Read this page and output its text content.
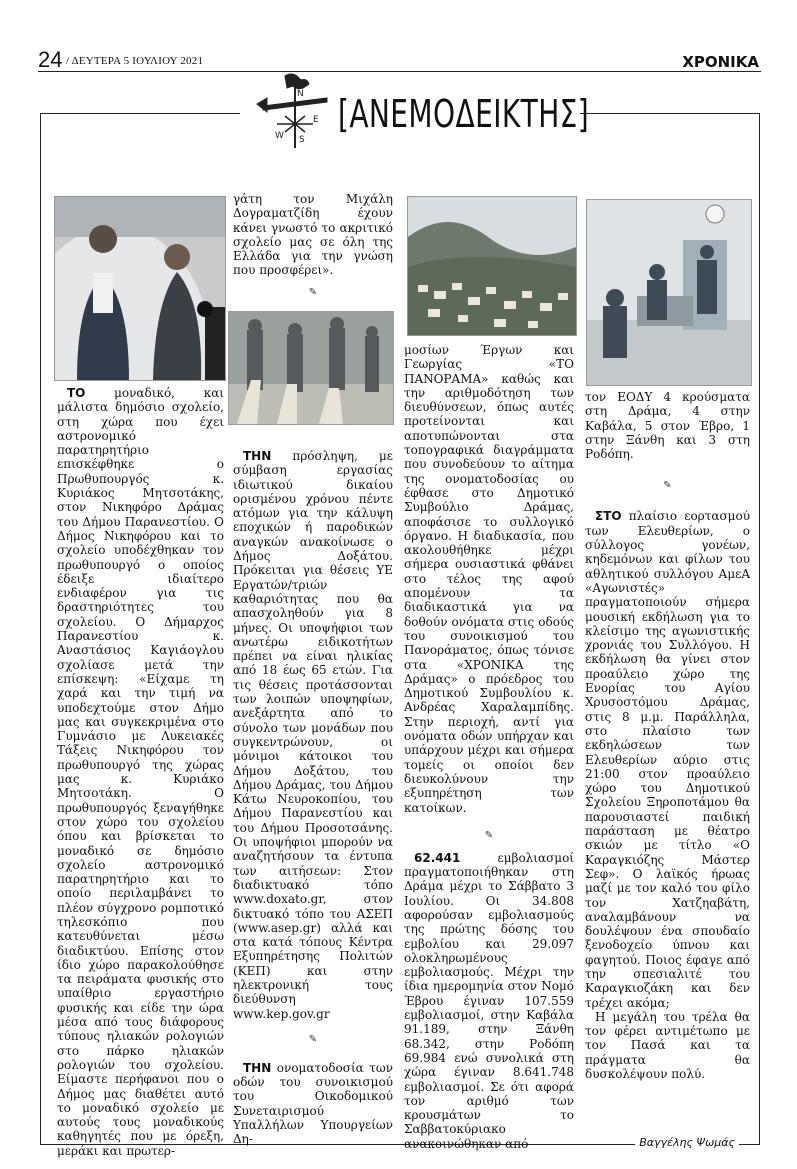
24 / ΔΕΥΤΕΡΑ 5 ΙΟΥΛΙΟΥ 2021	ΧΡΟΝΙΚΑ
Ν
W S
E [ΑΝΕΜΟΔΕΙΚΤΗΣ]

ΤΟ μοναδικό, και μάλιστα δημόσιο σχολείο, στη χώρα που έχει αστρονομικό παρατηρητήριο επισκέφθηκε ο Πρωθυπουργός κ. Κυριάκος Μητσοτάκης, στον Νικηφόρο Δράμας του Δήμου Παρανεστίου. Ο Δήμος Νικηφόρου και το σχολείο υποδέχθηκαν τον πρωθυπουργό ο οποίος έδειξε ιδιαίτερο ενδιαφέρον για τις δραστηριότητες του σχολείου. Ο Δήμαρχος Παρανεστίου κ. Αναστάσιος Καγιάογλου σχολίασε μετά την επίσκεψη: «Είχαμε τη χαρά και την τιμή να υποδεχτούμε στον Δήμο μας και συγκεκριμένα στο Γυμνάσιο με Λυκειακές Τάξεις Νικηφόρου τον πρωθυπουργό της χώρας μας κ. Κυριάκο Μητσοτάκη. Ο πρωθυπουργός ξεναγήθηκε στον χώρο του σχολείου όπου και βρίσκεται το μοναδικό σε δημόσιο σχολείο αστρονομικό παρατηρητήριο και το οποίο περιλαμβάνει το πλέον σύγχρονο ρομποτικό τηλεσκόπιο που κατευθύνεται μέσω διαδικτύου. Επίσης στον ίδιο χώρο παρακολούθησε τα πειράματα φυσικής στο υπαίθριο εργαστήριο φυσικής και είδε την ώρα μέσα από τους διάφορους τύπους ηλιακών ρολογιών στο πάρκο ηλιακών ρολογιών του σχολείου. Είμαστε περήφανοι που ο Δήμος μας διαθέτει αυτό το μοναδικό σχολείο με αυτούς τους μοναδικούς καθηγητές που με όρεξη, μεράκι και πρωτερ-

γάτη τον Μιχάλη Δογραματζίδη έχουν κάνει γνωστό το ακριτικό σχολείο μας σε όλη της Ελλάδα για την γνώση που προσφέρει».

✎

ΤΗΝ πρόσληψη, με σύμβαση εργασίας ιδιωτικού δικαίου ορισμένου χρόνου πέντε ατόμων για την κάλυψη εποχικών ή παροδικών αναγκών ανακοίνωσε ο Δήμος Δοξάτου. Πρόκειται για θέσεις ΥΕ Εργατών/τριών καθαριότητας που θα απασχοληθούν για 8 μήνες. Οι υποψήφιοι των ανωτέρω ειδικοτήτων πρέπει να είναι ηλικίας από 18 έως 65 ετών. Για τις θέσεις προτάσσονται των λοιπών υποψηφίων, ανεξάρτητα από το σύνολο των μονάδων που συγκεντρώνουν, οι μόνιμοι κάτοικοι του Δήμου Δοξάτου, του Δήμου Δράμας, του Δήμου Κάτω Νευροκοπίου, του Δήμου Παρανεστίου και του Δήμου Προσοτσάνης. Οι υποψήφιοι μπορούν να αναζητήσουν τα έντυπα των αιτήσεων: Στον διαδικτυακό τόπο www.doxato.gr, στον δικτυακό τόπο του ΑΣΕΠ (www.asep.gr) αλλά και στα κατά τόπους Κέντρα Εξυπηρέτησης Πολιτών (ΚΕΠ) και στην ηλεκτρονική τους διεύθυνση www.kep.gov.gr

✎

ΤΗΝ ονοματοδοσία των οδών του συνοικισμού του Οικοδομικού Συνεταιρισμού Υπαλλήλων Υπουργείων Δη-

μοσίων Έργων και Γεωργίας «ΤΟ ΠΑΝΟΡΑΜΑ» καθώς και την αριθμοδότηση των διευθύνσεων, όπως αυτές προτείνονται και αποτυπώνονται στα τοπογραφικά διαγράμματα που συνοδεύουν το αίτημα της ονοματοδοσίας ου έφθασε στο Δημοτικό Συμβούλιο Δράμας, αποφάσισε το συλλογικό όργανο. Η διαδικασία, που ακολουθήθηκε μέχρι σήμερα ουσιαστικά φθάνει στο τέλος της αφού απομένουν τα διαδικαστικά για να δοθούν ονόματα στις οδούς του συνοικισμού του Πανοράματος, όπως τόνισε στα «ΧΡΟΝΙΚΑ της Δράμας» ο πρόεδρος του Δημοτικού Συμβουλίου κ. Ανδρέας Χαραλαμπίδης. Στην περιοχή, αντί για ονόματα οδών υπήρχαν και υπάρχουν μέχρι και σήμερα τομείς οι οποίοι δεν διευκολύνουν την εξυπηρέτηση των κατοίκων.

✎

62.441 εμβολιασμοί πραγματοποιήθηκαν στη Δράμα μέχρι το Σάββατο 3 Ιουλίου. Οι 34.808 αφορούσαν εμβολιασμούς της πρώτης δόσης του εμβολίου και 29.097 ολοκληρωμένους εμβολιασμούς. Μέχρι την ίδια ημερομηνία στον Νομό Έβρου έγιναν 107.559 εμβολιασμοί, στην Καβάλα 91.189, στην Ξάνθη 68.342, στην Ροδόπη 69.984 ενώ συνολικά στη χώρα έγιναν 8.641.748 εμβολιασμοί. Σε ότι αφορά τον αριθμό των κρουσμάτων το Σαββατοκύριακο ανακοινώθηκαν από

τον ΕΟΔΥ 4 κρούσματα στη Δράμα, 4 στην Καβάλα, 5 στον Έβρο, 1 στην Ξάνθη και 3 στη Ροδόπη.

✎

ΣΤΟ πλαίσιο εορτασμού των Ελευθερίων, ο σύλλογος γονέων, κηδεμόνων και φίλων του αθλητικού συλλόγου ΑμεΑ «Αγωνιστές» πραγματοποιούν σήμερα μουσική εκδήλωση για το κλείσιμο της αγωνιστικής χρονιάς του Συλλόγου. Η εκδήλωση θα γίνει στον προαύλειο χώρο της Ενορίας του Αγίου Χρυσοστόμου Δράμας, στις 8 μ.μ. Παράλληλα, στο πλαίσιο των εκδηλώσεων των Ελευθερίων αύριο στις 21:00 στον προαύλειο χώρο του Δημοτικού Σχολείου Ξηροποτάμου θα παρουσιαστεί παιδική παράσταση με θέατρο σκιών με τίτλο «Ο Καραγκιόζης Μάστερ Σεφ». Ο λαϊκός ήρωας μαζί με τον καλό του φίλο τον Χατζηαβάτη, αναλαμβάνουν να δουλέψουν ένα σπουδαίο ξενοδοχείο ύπνου και φαγητού. Ποιος έφαγε από την σπεσιαλιτέ του Καραγκιοζάκη και δεν τρέχει ακόμα;

Η μεγάλη του τρέλα θα τον φέρει αντιμέτωπο με τον Πασά και τα πράγματα θα δυσκολέψουν πολύ.

Βαγγέλης Ψωμάς
